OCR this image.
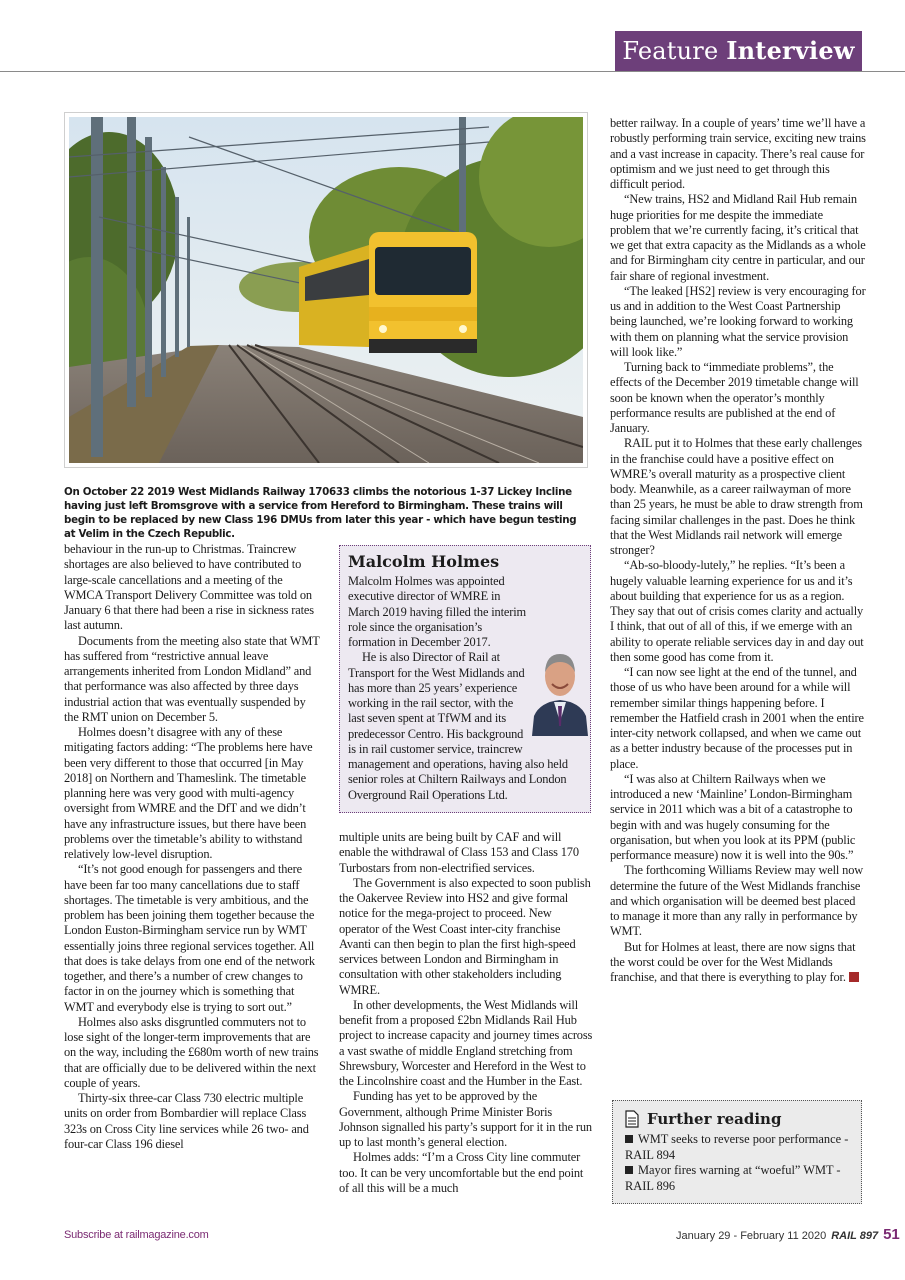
Feature Interview
On October 22 2019 West Midlands Railway 170633 climbs the notorious 1-37 Lickey Incline having just left Bromsgrove with a service from Hereford to Birmingham. These trains will begin to be replaced by new Class 196 DMUs from later this year - which have begun testing at Velim in the Czech Republic.

behaviour in the run-up to Christmas. Traincrew shortages are also believed to have contributed to large-scale cancellations and a meeting of the WMCA Transport Delivery Committee was told on January 6 that there had been a rise in sickness rates last autumn.

Documents from the meeting also state that WMT has suffered from “restrictive annual leave arrangements inherited from London Midland” and that performance was also affected by three days industrial action that was eventually suspended by the RMT union on December 5.

Holmes doesn’t disagree with any of these mitigating factors adding: “The problems here have been very different to those that occurred [in May 2018] on Northern and Thameslink. The timetable planning here was very good with multi-agency oversight from WMRE and the DfT and we didn’t have any infrastructure issues, but there have been problems over the timetable’s ability to withstand relatively low-level disruption.

“It’s not good enough for passengers and there have been far too many cancellations due to staff shortages. The timetable is very ambitious, and the problem has been joining them together because the London Euston-Birmingham service run by WMT essentially joins three regional services together. All that does is take delays from one end of the network together, and there’s a number of crew changes to factor in on the journey which is something that WMT and everybody else is trying to sort out.”

Holmes also asks disgruntled commuters not to lose sight of the longer-term improvements that are on the way, including the £680m worth of new trains that are officially due to be delivered within the next couple of years.

Thirty-six three-car Class 730 electric multiple units on order from Bombardier will replace Class 323s on Cross City line services while 26 two- and four-car Class 196 diesel

Malcolm Holmes

Malcolm Holmes was appointed executive director of WMRE in March 2019 having filled the interim role since the organisation’s formation in December 2017.

He is also Director of Rail at Transport for the West Midlands and has more than 25 years’ experience working in the rail sector, with the last seven spent at TfWM and its predecessor Centro. His background is in rail customer service, traincrew management and operations, having also held senior roles at Chiltern Railways and London Overground Rail Operations Ltd.

multiple units are being built by CAF and will enable the withdrawal of Class 153 and Class 170 Turbostars from non-electrified services.

The Government is also expected to soon publish the Oakervee Review into HS2 and give formal notice for the mega-project to proceed. New operator of the West Coast inter-city franchise Avanti can then begin to plan the first high-speed services between London and Birmingham in consultation with other stakeholders including WMRE.

In other developments, the West Midlands will benefit from a proposed £2bn Midlands Rail Hub project to increase capacity and journey times across a vast swathe of middle England stretching from Shrewsbury, Worcester and Hereford in the West to the Lincolnshire coast and the Humber in the East.

Funding has yet to be approved by the Government, although Prime Minister Boris Johnson signalled his party’s support for it in the run up to last month’s general election.

Holmes adds: “I’m a Cross City line commuter too. It can be very uncomfortable but the end point of all this will be a much

better railway. In a couple of years’ time we’ll have a robustly performing train service, exciting new trains and a vast increase in capacity. There’s real cause for optimism and we just need to get through this difficult period.

“New trains, HS2 and Midland Rail Hub remain huge priorities for me despite the immediate problem that we’re currently facing, it’s critical that we get that extra capacity as the Midlands as a whole and for Birmingham city centre in particular, and our fair share of regional investment.

“The leaked [HS2] review is very encouraging for us and in addition to the West Coast Partnership being launched, we’re looking forward to working with them on planning what the service provision will look like.”

Turning back to “immediate problems”, the effects of the December 2019 timetable change will soon be known when the operator’s monthly performance results are published at the end of January.

RAIL put it to Holmes that these early challenges in the franchise could have a positive effect on WMRE’s overall maturity as a prospective client body. Meanwhile, as a career railwayman of more than 25 years, he must be able to draw strength from facing similar challenges in the past. Does he think that the West Midlands rail network will emerge stronger?

“Ab-so-bloody-lutely,” he replies. “It’s been a hugely valuable learning experience for us and it’s about building that experience for us as a region. They say that out of crisis comes clarity and actually I think, that out of all of this, if we emerge with an ability to operate reliable services day in and day out then some good has come from it.

“I can now see light at the end of the tunnel, and those of us who have been around for a while will remember similar things happening before. I remember the Hatfield crash in 2001 when the entire inter-city network collapsed, and when we came out as a better industry because of the processes put in place.

“I was also at Chiltern Railways when we introduced a new ‘Mainline’ London-Birmingham service in 2011 which was a bit of a catastrophe to begin with and was hugely consuming for the organisation, but when you look at its PPM (public performance measure) now it is well into the 90s.”

The forthcoming Williams Review may well now determine the future of the West Midlands franchise and which organisation will be deemed best placed to manage it more than any rally in performance by WMT.

But for Holmes at least, there are now signs that the worst could be over for the West Midlands franchise, and that there is everything to play for.

Further reading
WMT seeks to reverse poor performance - RAIL 894
Mayor fires warning at “woeful” WMT -RAIL 896
Subscribe at railmagazine.com	January 29 - February 11 2020 RAIL 897 51
